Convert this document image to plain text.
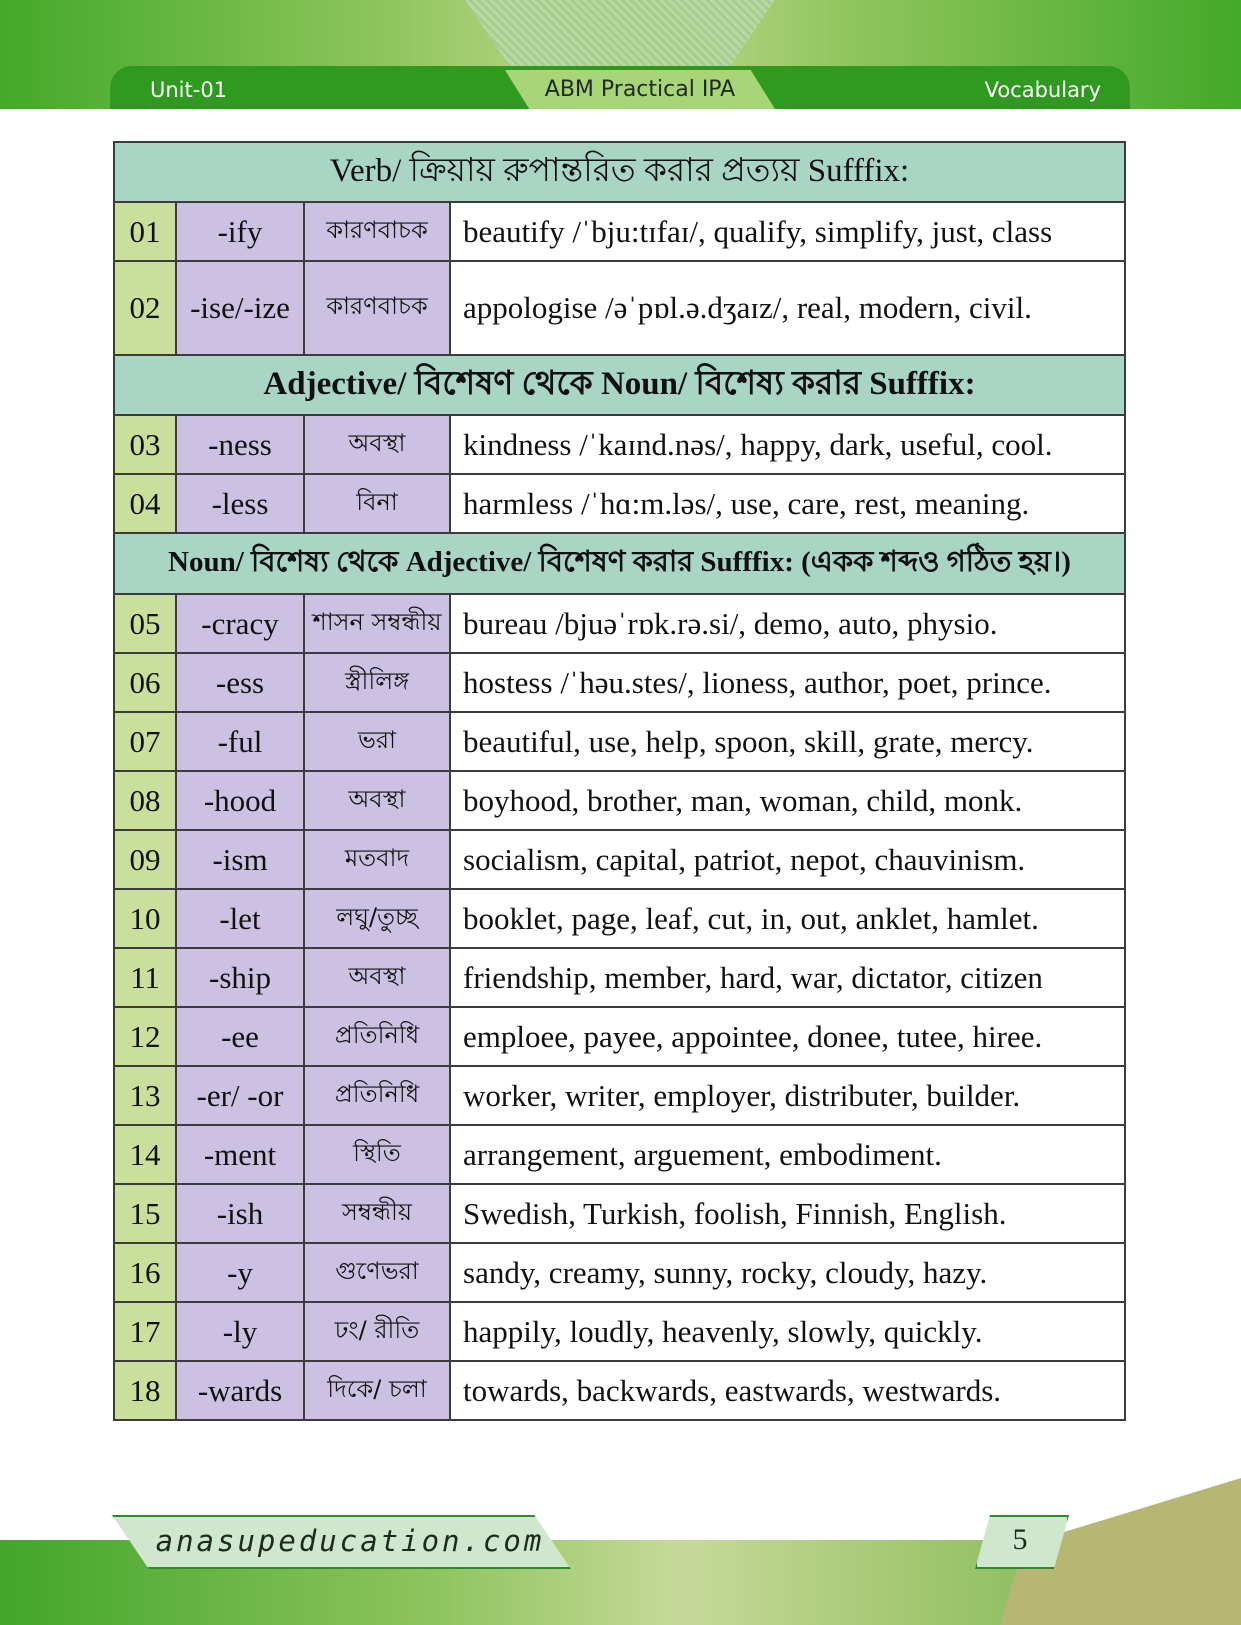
Unit-01	ABM Practical IPA	Vocabulary
Verb/ ক্রিয়ায় রুপান্তরিত করার প্রত্যয় Sufffix:			
01	-ify	কারণবাচক	beautify /ˈbju:tɪfaɪ/, qualify, simplify, just, class
02	-ise/-ize	কারণবাচক	appologise /əˈpɒl.ə.dʒaɪz/, real, modern, civil.
Adjective/ বিশেষণ থেকে Noun/ বিশেষ্য করার Sufffix:			
03	-ness	অবস্থা	kindness /ˈkaɪnd.nəs/, happy, dark, useful, cool.
04	-less	বিনা	harmless /ˈhɑ:m.ləs/, use, care, rest, meaning.
Noun/ বিশেষ্য থেকে Adjective/ বিশেষণ করার Sufffix: (একক শব্দও গঠিত হয়।)			
05	-cracy	শাসন সম্বন্ধীয়	bureau /bjuəˈrɒk.rə.si/, demo, auto, physio.
06	-ess	স্ত্রীলিঙ্গ	hostess /ˈhəu.stes/, lioness, author, poet, prince.
07	-ful	ভরা	beautiful, use, help, spoon, skill, grate, mercy.
08	-hood	অবস্থা	boyhood, brother, man, woman, child, monk.
09	-ism	মতবাদ	socialism, capital, patriot, nepot, chauvinism.
10	-let	লঘু/তুচ্ছ	booklet, page, leaf, cut, in, out, anklet, hamlet.
11	-ship	অবস্থা	friendship, member, hard, war, dictator, citizen
12	-ee	প্রতিনিধি	emploee, payee, appointee, donee, tutee, hiree.
13	-er/ -or	প্রতিনিধি	worker, writer, employer, distributer, builder.
14	-ment	স্থিতি	arrangement, arguement, embodiment.
15	-ish	সম্বন্ধীয়	Swedish, Turkish, foolish, Finnish, English.
16	-y	গুণেভরা	sandy, creamy, sunny, rocky, cloudy, hazy.
17	-ly	ঢং/ রীতি	happily, loudly, heavenly, slowly, quickly.
18	-wards	দিকে/ চলা	towards, backwards, eastwards, westwards.
anasupeducation.com	5
